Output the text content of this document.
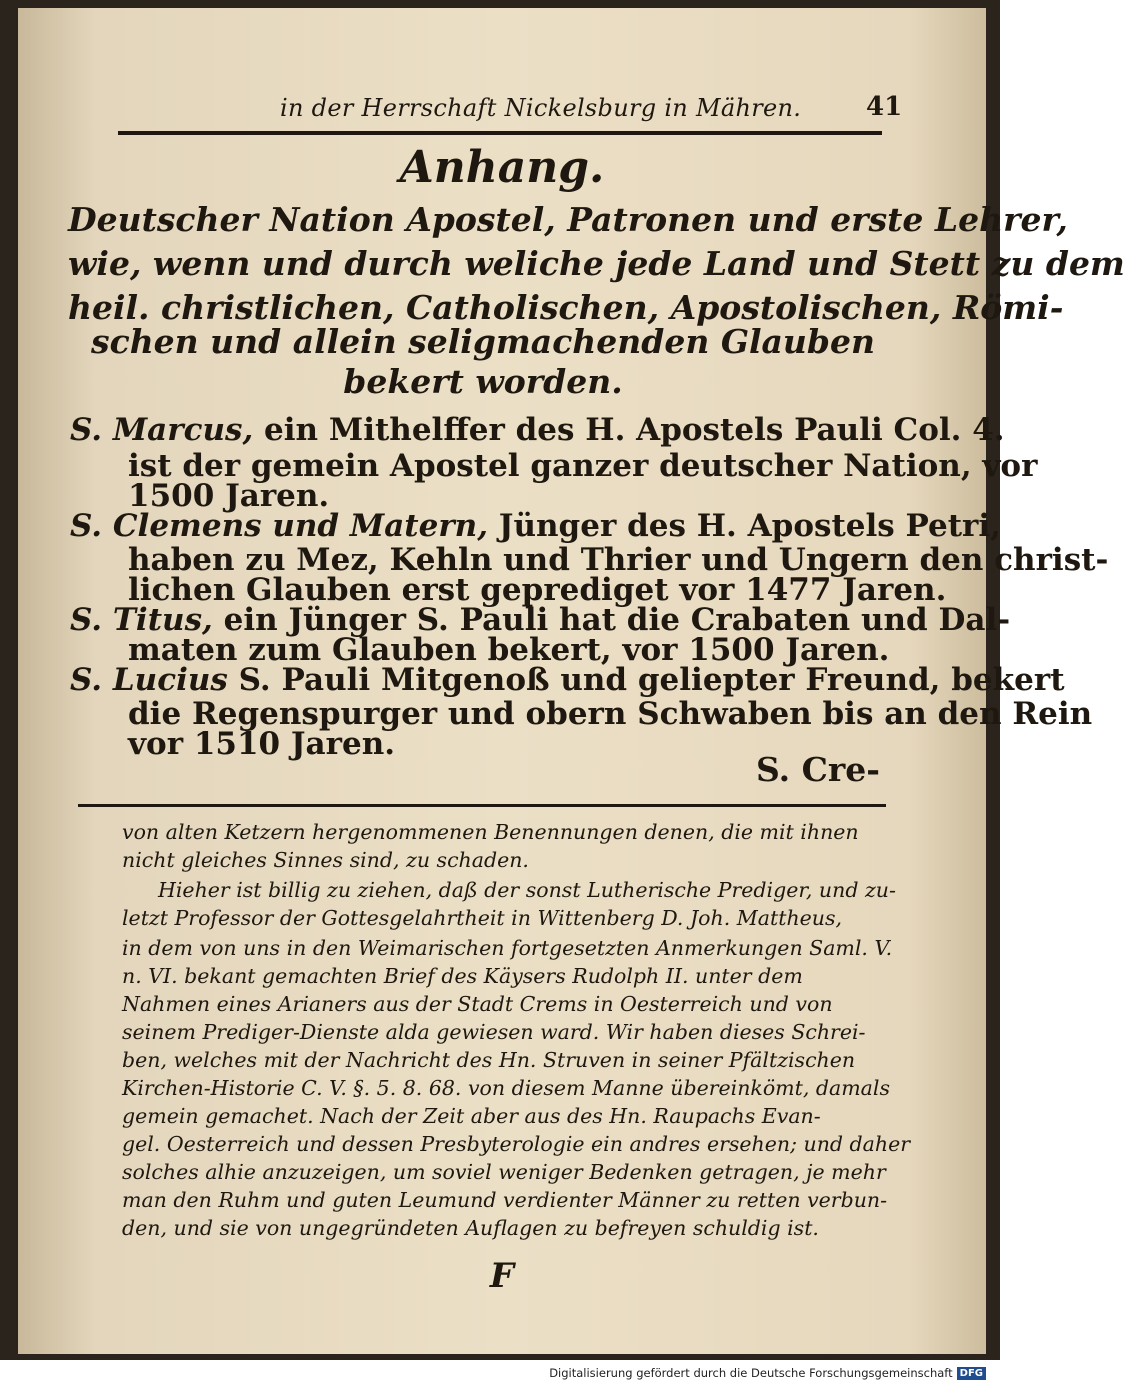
in der Herrschaft Nickelsburg in Mähren. 41
Anhang.
Deutscher Nation Apostel, Patronen und erste Lehrer,
wie, wenn und durch weliche jede Land und Stett zu dem
heil. christlichen, Catholischen, Apostolischen, Römi-
schen und allein seligmachenden Glauben
bekert worden.
S. Marcus, ein Mithelffer des H. Apostels Pauli Col. 4.
ist der gemein Apostel ganzer deutscher Nation, vor
1500 Jaren.
S. Clemens und Matern, Jünger des H. Apostels Petri,
haben zu Mez, Kehln und Thrier und Ungern den christ-
lichen Glauben erst geprediget vor 1477 Jaren.
S. Titus, ein Jünger S. Pauli hat die Crabaten und Dal-
maten zum Glauben bekert, vor 1500 Jaren.
S. Lucius S. Pauli Mitgenoß und geliepter Freund, bekert
die Regenspurger und obern Schwaben bis an den Rein
vor 1510 Jaren.
S. Cre-
von alten Ketzern hergenommenen Benennungen denen, die mit ihnen
nicht gleiches Sinnes sind, zu schaden.
Hieher ist billig zu ziehen, daß der sonst Lutherische Prediger, und zu-
letzt Professor der Gottesgelahrtheit in Wittenberg D. Joh. Mattheus,
in dem von uns in den Weimarischen fortgesetzten Anmerkungen Saml. V.
n. VI. bekant gemachten Brief des Käysers Rudolph II. unter dem
Nahmen eines Arianers aus der Stadt Crems in Oesterreich und von
seinem Prediger-Dienste alda gewiesen ward. Wir haben dieses Schrei-
ben, welches mit der Nachricht des Hn. Struven in seiner Pfältzischen
Kirchen-Historie C. V. §. 5. 8. 68. von diesem Manne übereinkömt, damals
gemein gemachet. Nach der Zeit aber aus des Hn. Raupachs Evan-
gel. Oesterreich und dessen Presbyterologie ein andres ersehen; und daher
solches alhie anzuzeigen, um soviel weniger Bedenken getragen, je mehr
man den Ruhm und guten Leumund verdienter Männer zu retten verbun-
den, und sie von ungegründeten Auflagen zu befreyen schuldig ist.
F
Digitalisierung gefördert durch die Deutsche Forschungsgemeinschaft DFG
